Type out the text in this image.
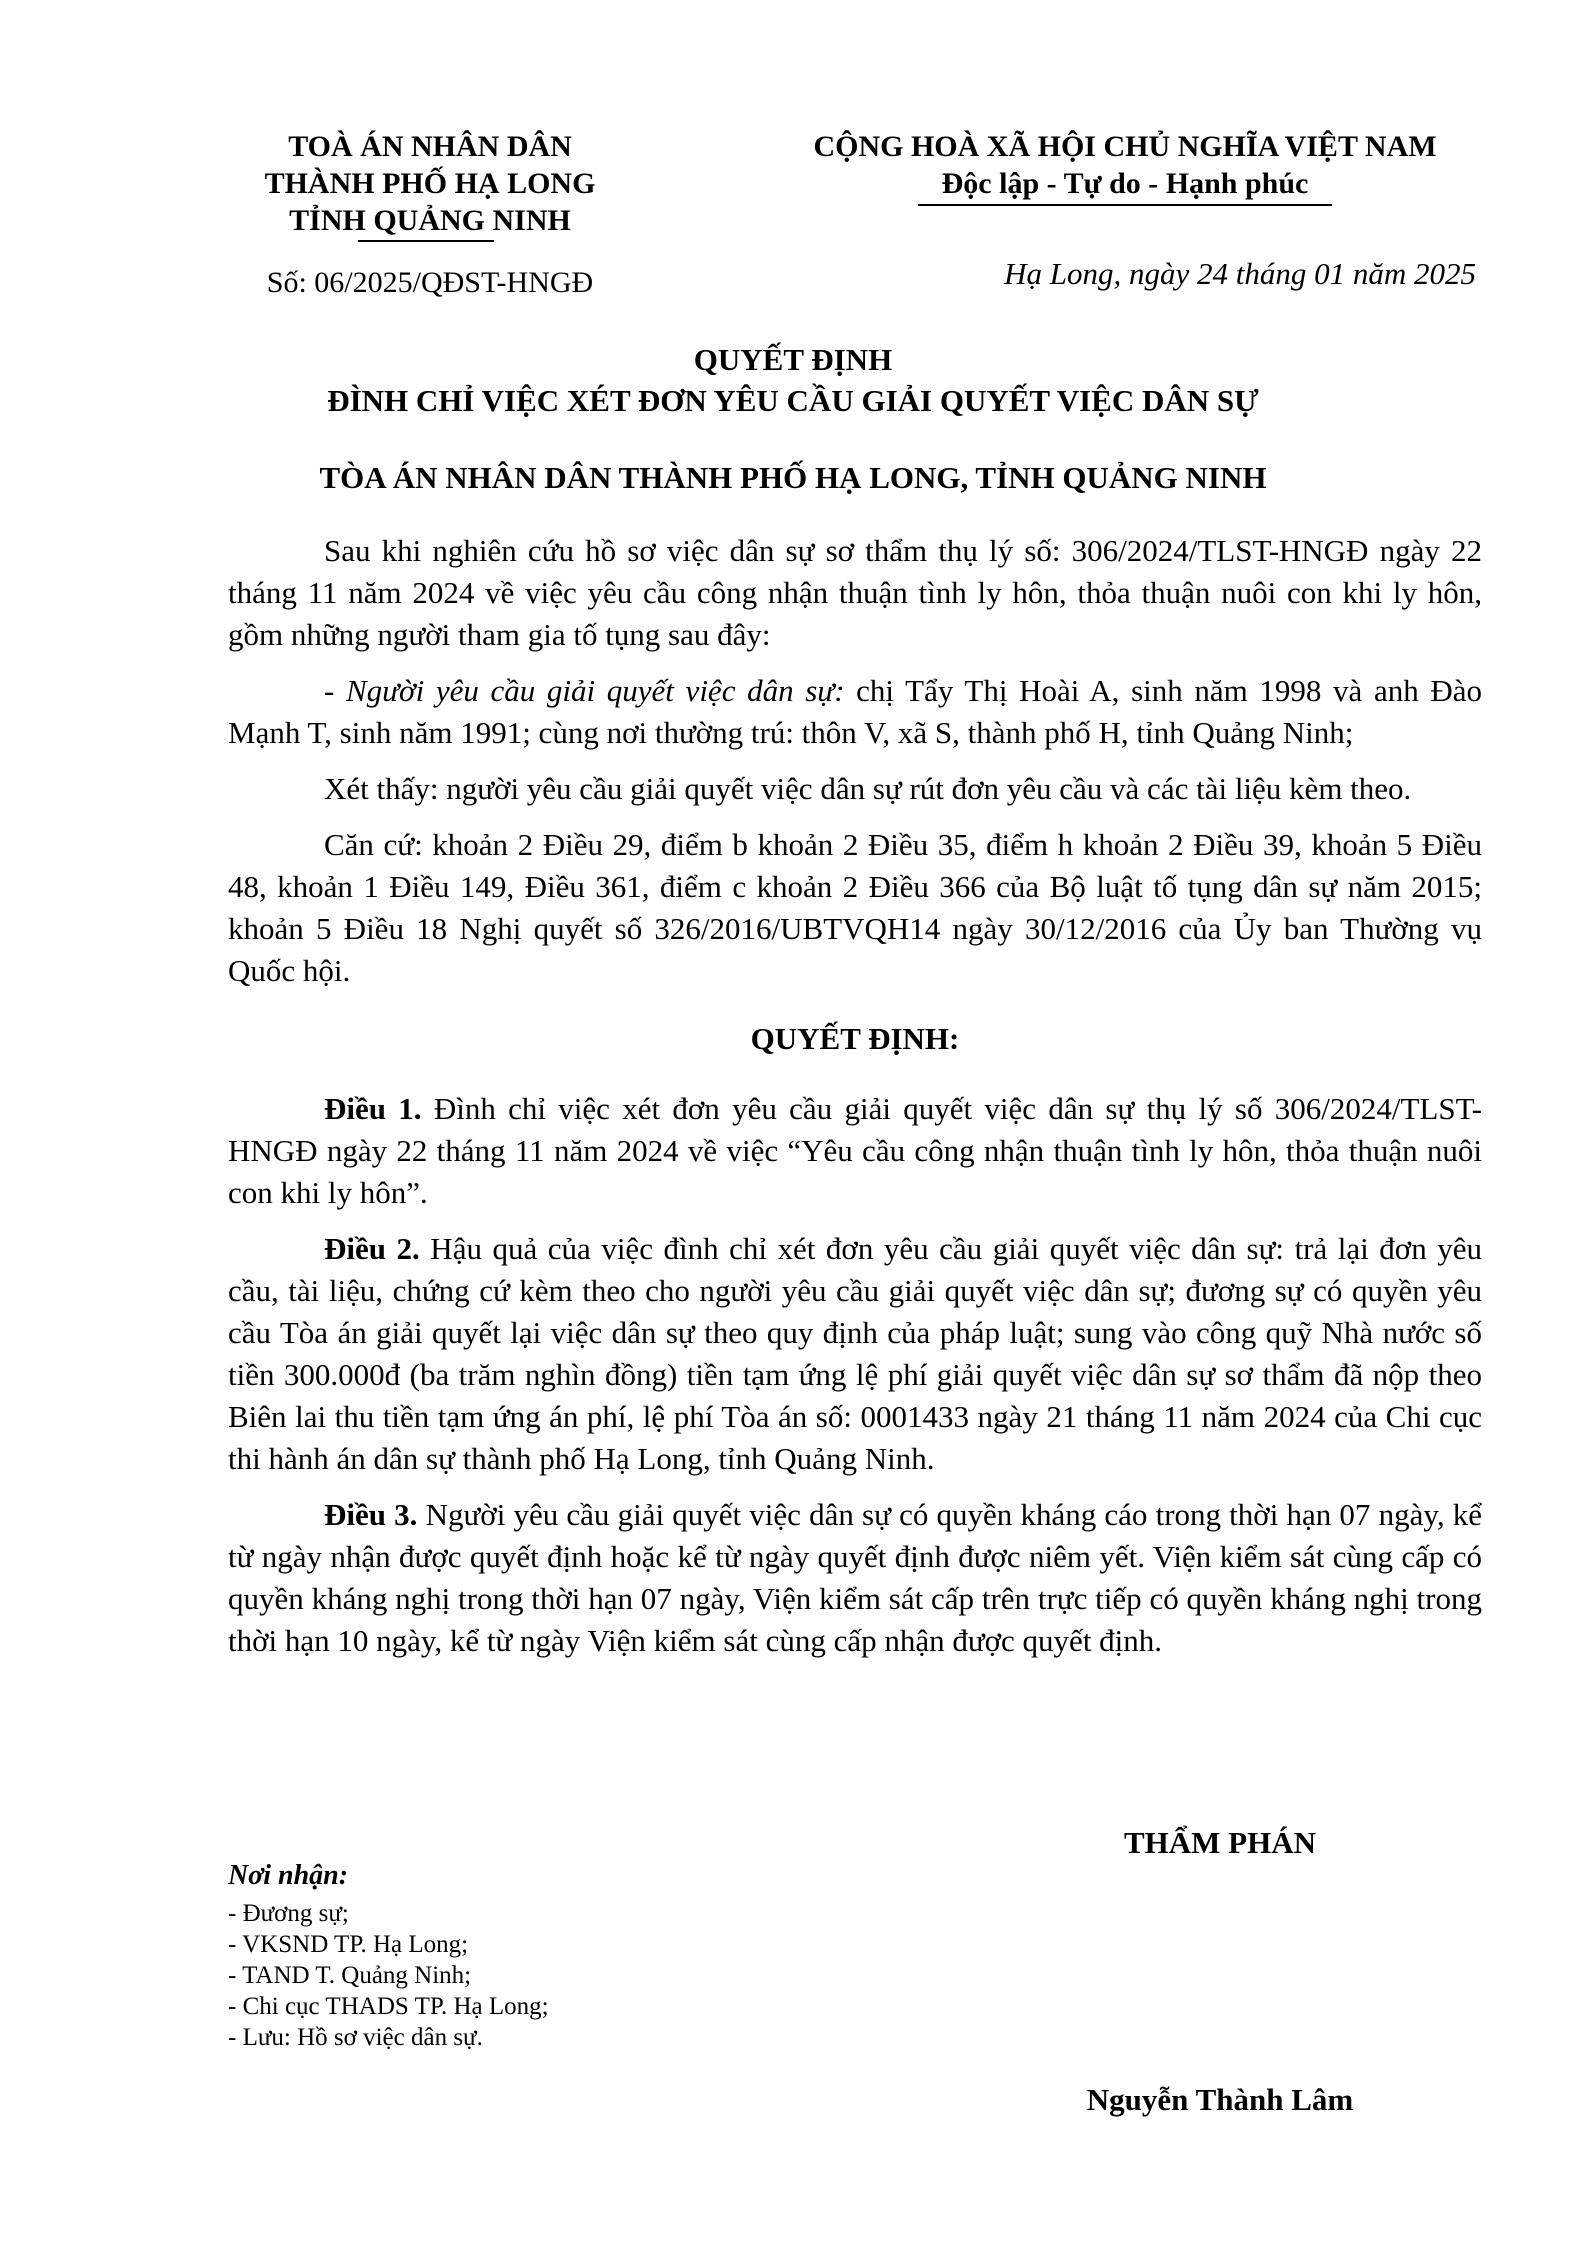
TOÀ ÁN NHÂN DÂN
THÀNH PHỐ HẠ LONG
TỈNH QUẢNG NINH
Số: 06/2025/QĐST-HNGĐ
CỘNG HOÀ XÃ HỘI CHỦ NGHĨA VIỆT NAM
Độc lập - Tự do - Hạnh phúc
Hạ Long, ngày 24 tháng 01 năm 2025
QUYẾT ĐỊNH
ĐÌNH CHỈ VIỆC XÉT ĐƠN YÊU CẦU GIẢI QUYẾT VIỆC DÂN SỰ
TÒA ÁN NHÂN DÂN THÀNH PHỐ HẠ LONG, TỈNH QUẢNG NINH

Sau khi nghiên cứu hồ sơ việc dân sự sơ thẩm thụ lý số: 306/2024/TLST-HNGĐ ngày 22 tháng 11 năm 2024 về việc yêu cầu công nhận thuận tình ly hôn, thỏa thuận nuôi con khi ly hôn, gồm những người tham gia tố tụng sau đây:

- Người yêu cầu giải quyết việc dân sự: chị Tẩy Thị Hoài A, sinh năm 1998 và anh Đào Mạnh T, sinh năm 1991; cùng nơi thường trú: thôn V, xã S, thành phố H, tỉnh Quảng Ninh;

Xét thấy: người yêu cầu giải quyết việc dân sự rút đơn yêu cầu và các tài liệu kèm theo.

Căn cứ: khoản 2 Điều 29, điểm b khoản 2 Điều 35, điểm h khoản 2 Điều 39, khoản 5 Điều 48, khoản 1 Điều 149, Điều 361, điểm c khoản 2 Điều 366 của Bộ luật tố tụng dân sự năm 2015; khoản 5 Điều 18 Nghị quyết số 326/2016/UBTVQH14 ngày 30/12/2016 của Ủy ban Thường vụ Quốc hội.

QUYẾT ĐỊNH:

Điều 1. Đình chỉ việc xét đơn yêu cầu giải quyết việc dân sự thụ lý số 306/2024/TLST-HNGĐ ngày 22 tháng 11 năm 2024 về việc “Yêu cầu công nhận thuận tình ly hôn, thỏa thuận nuôi con khi ly hôn”.

Điều 2. Hậu quả của việc đình chỉ xét đơn yêu cầu giải quyết việc dân sự: trả lại đơn yêu cầu, tài liệu, chứng cứ kèm theo cho người yêu cầu giải quyết việc dân sự; đương sự có quyền yêu cầu Tòa án giải quyết lại việc dân sự theo quy định của pháp luật; sung vào công quỹ Nhà nước số tiền 300.000đ (ba trăm nghìn đồng) tiền tạm ứng lệ phí giải quyết việc dân sự sơ thẩm đã nộp theo Biên lai thu tiền tạm ứng án phí, lệ phí Tòa án số: 0001433 ngày 21 tháng 11 năm 2024 của Chi cục thi hành án dân sự thành phố Hạ Long, tỉnh Quảng Ninh.

Điều 3. Người yêu cầu giải quyết việc dân sự có quyền kháng cáo trong thời hạn 07 ngày, kể từ ngày nhận được quyết định hoặc kể từ ngày quyết định được niêm yết. Viện kiểm sát cùng cấp có quyền kháng nghị trong thời hạn 07 ngày, Viện kiểm sát cấp trên trực tiếp có quyền kháng nghị trong thời hạn 10 ngày, kể từ ngày Viện kiểm sát cùng cấp nhận được quyết định.

THẨM PHÁN
Nơi nhận:
- Đương sự;
- VKSND TP. Hạ Long;
- TAND T. Quảng Ninh;
- Chi cục THADS TP. Hạ Long;
- Lưu: Hồ sơ việc dân sự.
Nguyễn Thành Lâm
